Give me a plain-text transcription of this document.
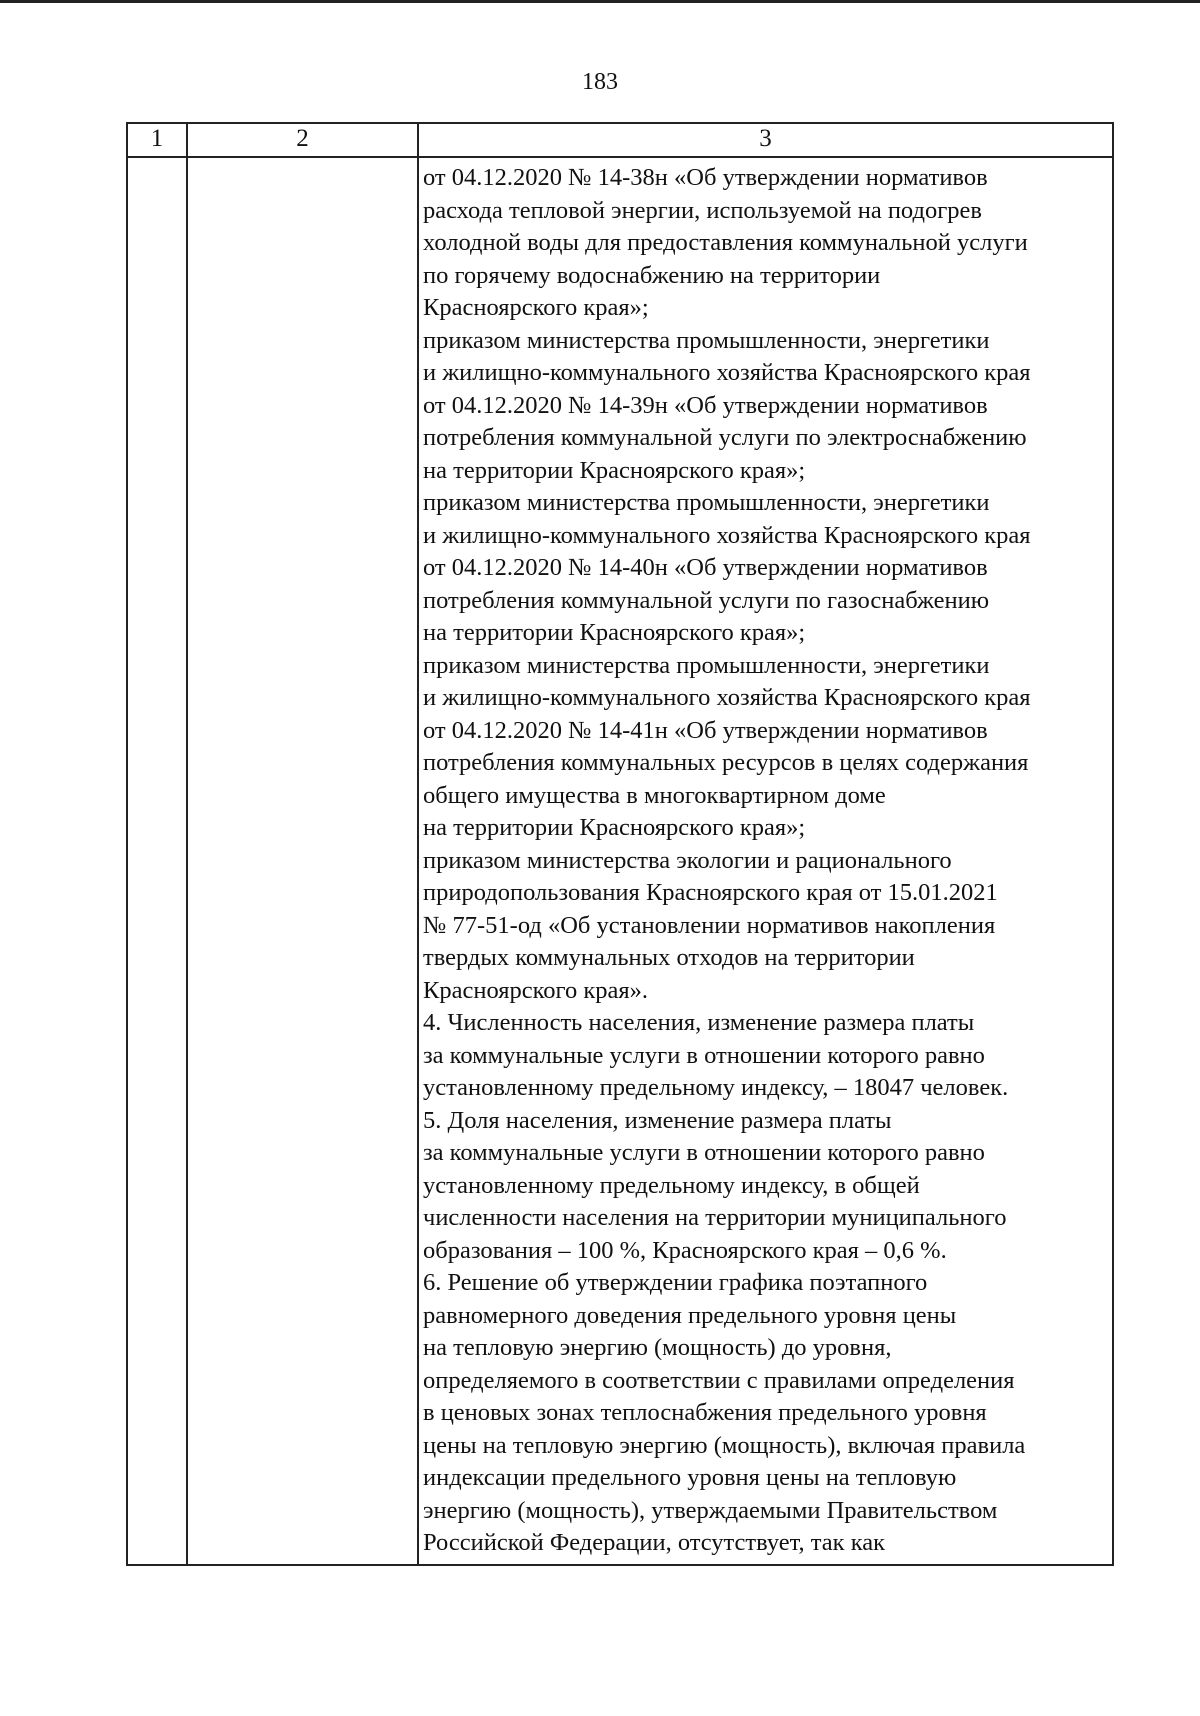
183
1	2	3
от 04.12.2020 № 14-38н «Об утверждении нормативов
расхода тепловой энергии, используемой на подогрев
холодной воды для предоставления коммунальной услуги
по горячему водоснабжению на территории
Красноярского края»;
приказом министерства промышленности, энергетики
и жилищно-коммунального хозяйства Красноярского края
от 04.12.2020 № 14-39н «Об утверждении нормативов
потребления коммунальной услуги по электроснабжению
на территории Красноярского края»;
приказом министерства промышленности, энергетики
и жилищно-коммунального хозяйства Красноярского края
от 04.12.2020 № 14-40н «Об утверждении нормативов
потребления коммунальной услуги по газоснабжению
на территории Красноярского края»;
приказом министерства промышленности, энергетики
и жилищно-коммунального хозяйства Красноярского края
от 04.12.2020 № 14-41н «Об утверждении нормативов
потребления коммунальных ресурсов в целях содержания
общего имущества в многоквартирном доме
на территории Красноярского края»;
приказом министерства экологии и рационального
природопользования Красноярского края от 15.01.2021
№ 77-51-од «Об установлении нормативов накопления
твердых коммунальных отходов на территории
Красноярского края».
4. Численность населения, изменение размера платы
за коммунальные услуги в отношении которого равно
установленному предельному индексу, – 18047 человек.
5. Доля населения, изменение размера платы
за коммунальные услуги в отношении которого равно
установленному предельному индексу, в общей
численности населения на территории муниципального
образования – 100 %, Красноярского края – 0,6 %.
6. Решение об утверждении графика поэтапного
равномерного доведения предельного уровня цены
на тепловую энергию (мощность) до уровня,
определяемого в соответствии с правилами определения
в ценовых зонах теплоснабжения предельного уровня
цены на тепловую энергию (мощность), включая правила
индексации предельного уровня цены на тепловую
энергию (мощность), утверждаемыми Правительством
Российской Федерации, отсутствует, так как
